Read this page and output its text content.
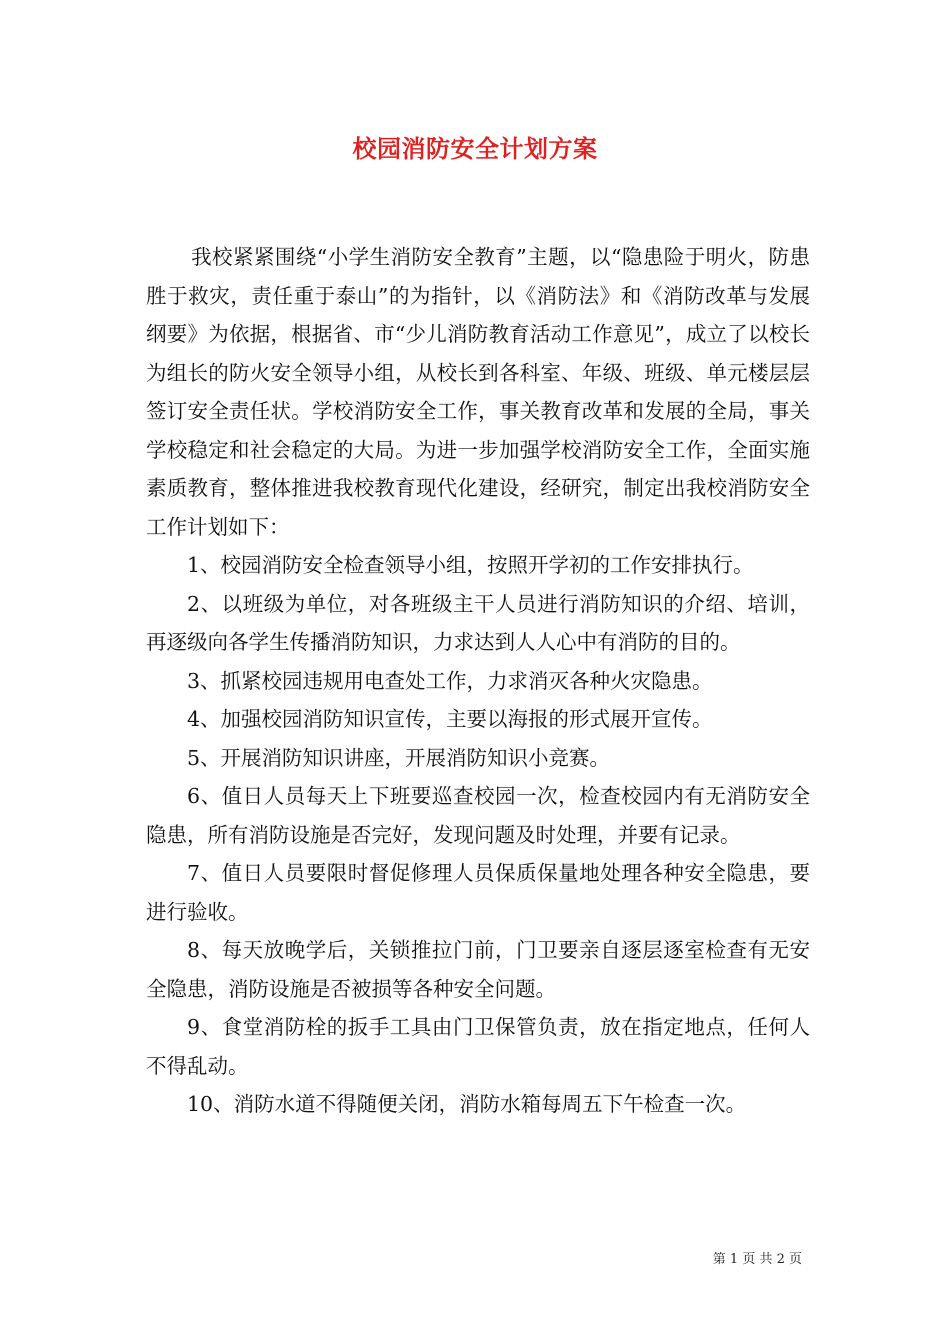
校园消防安全计划方案

我校紧紧围绕“小学生消防安全教育”主题，以“隐患险于明火，防患胜于救灾，责任重于泰山”的为指针，以《消防法》和《消防改革与发展纲要》为依据，根据省、市“少儿消防教育活动工作意见”，成立了以校长为组长的防火安全领导小组，从校长到各科室、年级、班级、单元楼层层签订安全责任状。学校消防安全工作，事关教育改革和发展的全局，事关学校稳定和社会稳定的大局。为进一步加强学校消防安全工作，全面实施素质教育，整体推进我校教育现代化建设，经研究，制定出我校消防安全工作计划如下：

1、校园消防安全检查领导小组，按照开学初的工作安排执行。

2、以班级为单位，对各班级主干人员进行消防知识的介绍、培训，再逐级向各学生传播消防知识，力求达到人人心中有消防的目的。

3、抓紧校园违规用电查处工作，力求消灭各种火灾隐患。

4、加强校园消防知识宣传，主要以海报的形式展开宣传。

5、开展消防知识讲座，开展消防知识小竞赛。

6、值日人员每天上下班要巡查校园一次，检查校园内有无消防安全隐患，所有消防设施是否完好，发现问题及时处理，并要有记录。

7、值日人员要限时督促修理人员保质保量地处理各种安全隐患，要进行验收。

8、每天放晚学后，关锁推拉门前，门卫要亲自逐层逐室检查有无安全隐患，消防设施是否被损等各种安全问题。

9、食堂消防栓的扳手工具由门卫保管负责，放在指定地点，任何人不得乱动。

10、消防水道不得随便关闭，消防水箱每周五下午检查一次。

第 1 页 共 2 页
